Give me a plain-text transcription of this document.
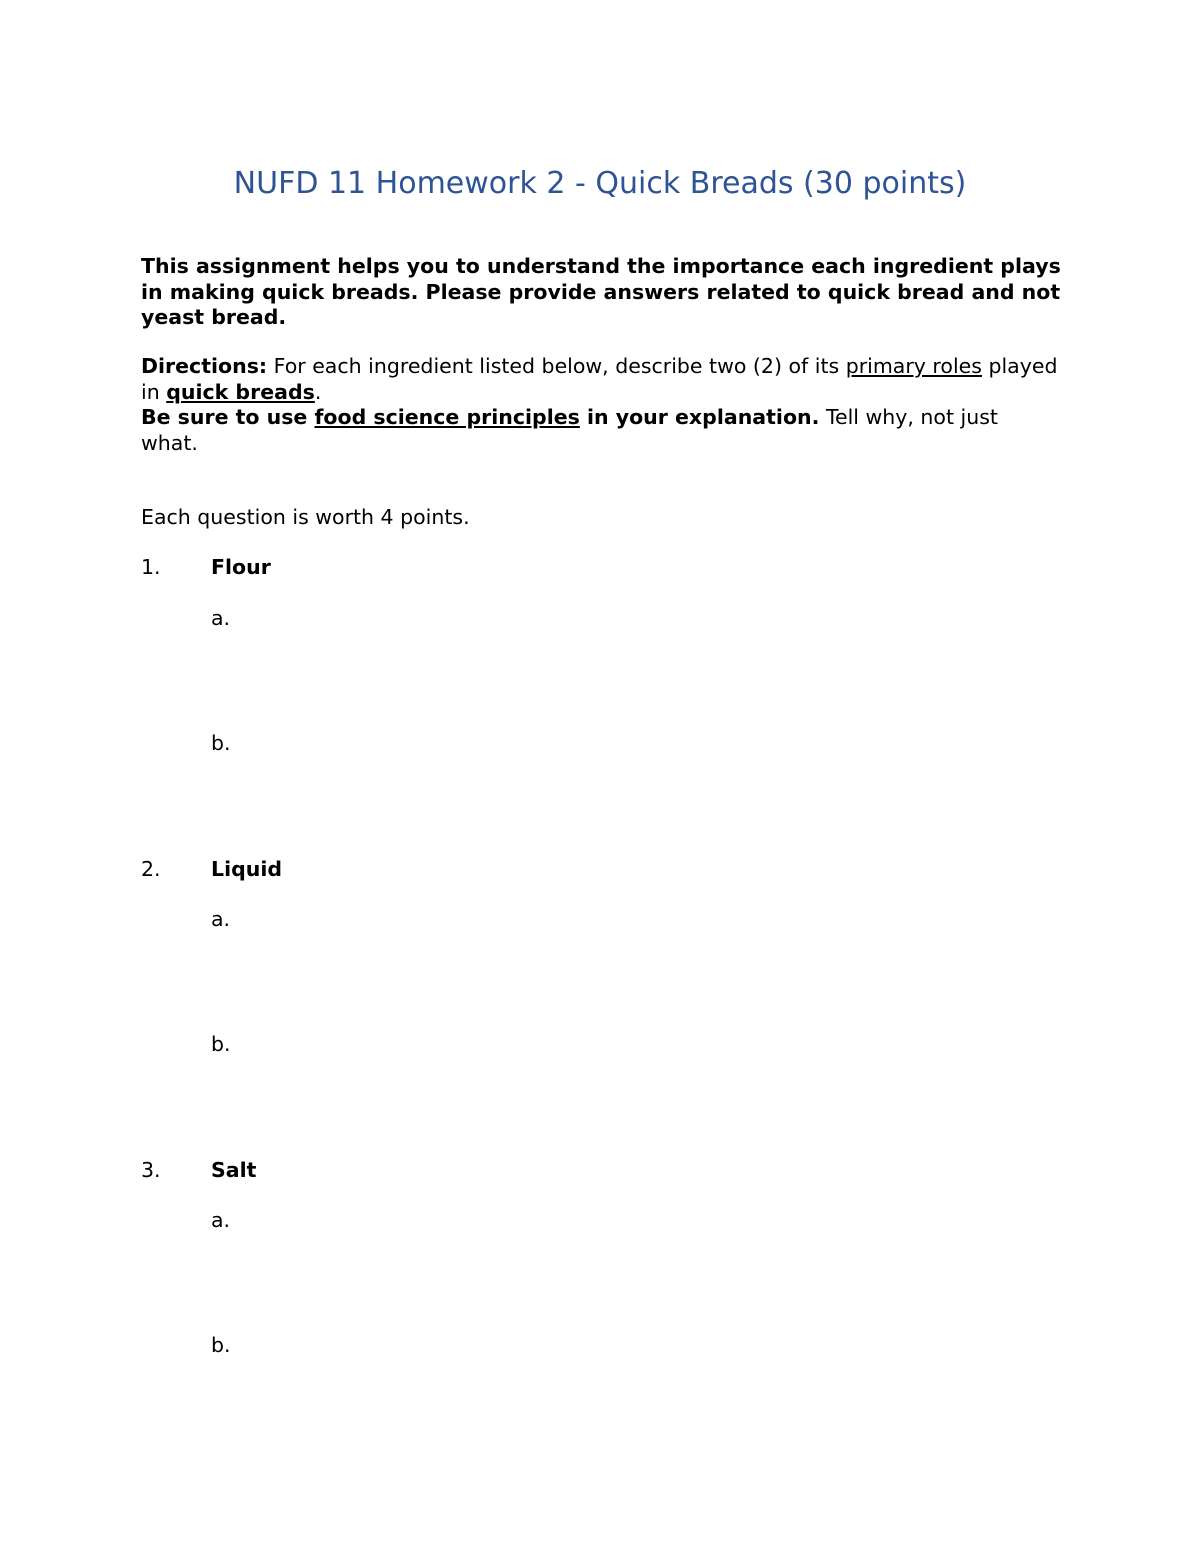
NUFD 11 Homework 2 - Quick Breads (30 points)
This assignment helps you to understand the importance each ingredient plays in making quick breads. Please provide answers related to quick bread and not yeast bread.
Directions: For each ingredient listed below, describe two (2) of its primary roles played in quick breads.
Be sure to use food science principles in your explanation. Tell why, not just what.
Each question is worth 4 points.
1. Flour
a.
b.
2. Liquid
a.
b.
3. Salt
a.
b.
